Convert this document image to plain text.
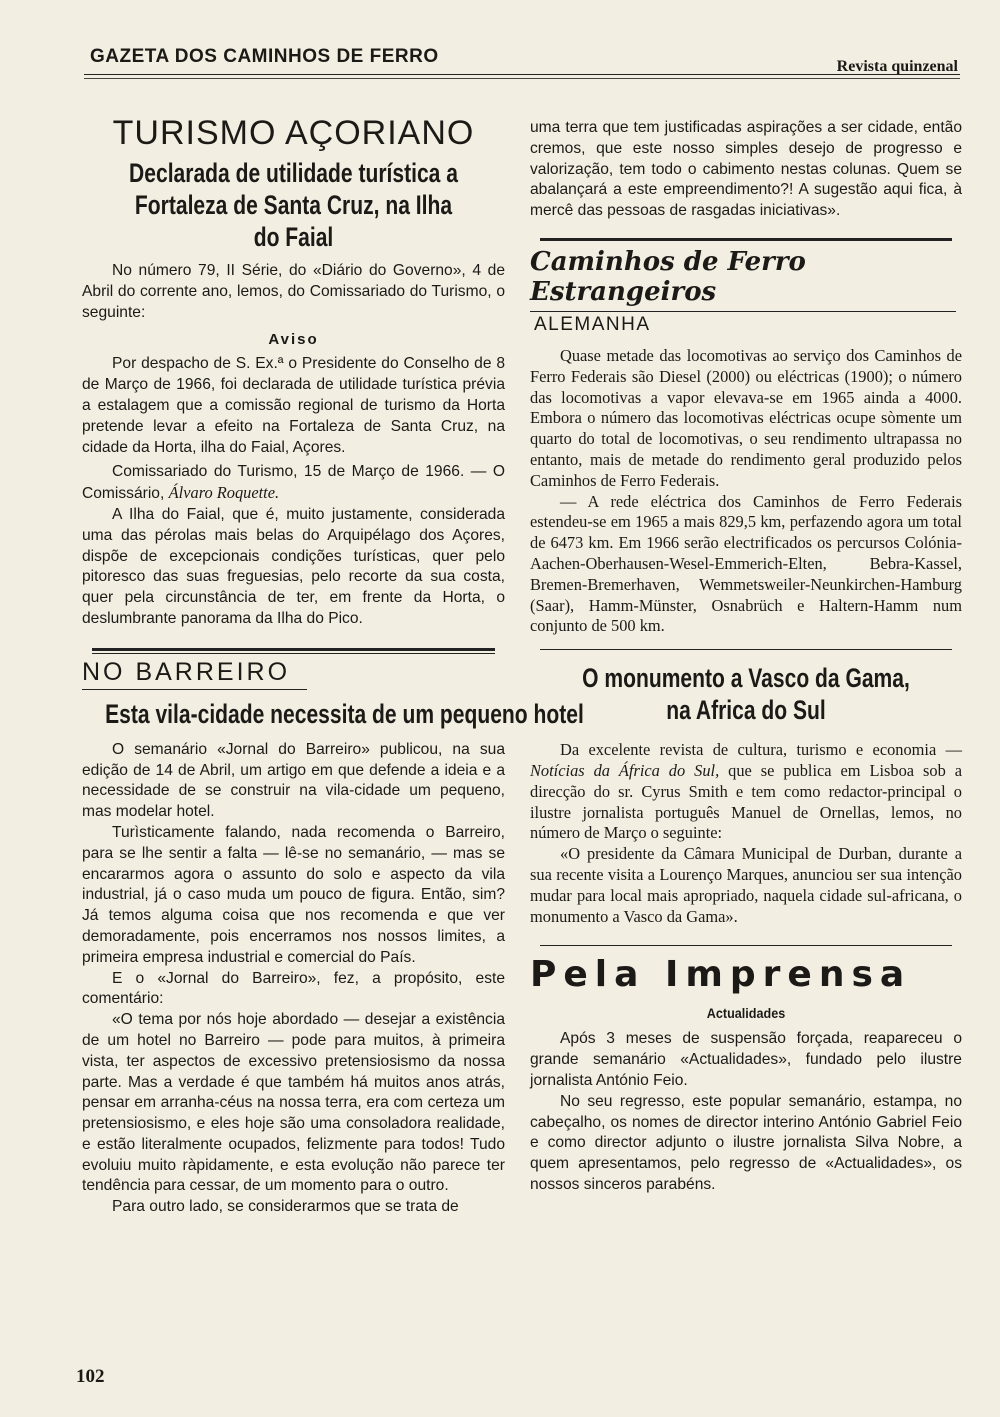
GAZETA DOS CAMINHOS DE FERRO	Revista quinzenal
TURISMO AÇORIANO
Declarada de utilidade turística a Fortaleza de Santa Cruz, na Ilha do Faial

No número 79, II Série, do «Diário do Governo», 4 de Abril do corrente ano, lemos, do Comissariado do Turismo, o seguinte:

Aviso

Por despacho de S. Ex.ª o Presidente do Conselho de 8 de Março de 1966, foi declarada de utilidade turística prévia a estalagem que a comissão regional de turismo da Horta pretende levar a efeito na Fortaleza de Santa Cruz, na cidade da Horta, ilha do Faial, Açores.

Comissariado do Turismo, 15 de Março de 1966. — O Comissário, Álvaro Roquette.

A Ilha do Faial, que é, muito justamente, considerada uma das pérolas mais belas do Arquipélago dos Açores, dispõe de excepcionais condições turísticas, quer pelo pitoresco das suas freguesias, pelo recorte da sua costa, quer pela circunstância de ter, em frente da Horta, o deslumbrante panorama da Ilha do Pico.

NO BARREIRO
Esta vila-cidade necessita de um pequeno hotel

O semanário «Jornal do Barreiro» publicou, na sua edição de 14 de Abril, um artigo em que defende a ideia e a necessidade de se construir na vila-cidade um pequeno, mas modelar hotel.

Turìsticamente falando, nada recomenda o Barreiro, para se lhe sentir a falta — lê-se no semanário, — mas se encararmos agora o assunto do solo e aspecto da vila industrial, já o caso muda um pouco de figura. Então, sim? Já temos alguma coisa que nos recomenda e que ver demoradamente, pois encerramos nos nossos limites, a primeira empresa industrial e comercial do País.

E o «Jornal do Barreiro», fez, a propósito, este comentário:

«O tema por nós hoje abordado — desejar a existência de um hotel no Barreiro — pode para muitos, à primeira vista, ter aspectos de excessivo pretensiosismo da nossa parte. Mas a verdade é que também há muitos anos atrás, pensar em arranha-céus na nossa terra, era com certeza um pretensiosismo, e eles hoje são uma consoladora realidade, e estão literalmente ocupados, felizmente para todos! Tudo evoluiu muito ràpidamente, e esta evolução não parece ter tendência para cessar, de um momento para o outro.

Para outro lado, se considerarmos que se trata de

uma terra que tem justificadas aspirações a ser cidade, então cremos, que este nosso simples desejo de progresso e valorização, tem todo o cabimento nestas colunas. Quem se abalançará a este empreendimento?! A sugestão aqui fica, à mercê das pessoas de rasgadas iniciativas».

Caminhos de Ferro Estrangeiros
ALEMANHA

Quase metade das locomotivas ao serviço dos Caminhos de Ferro Federais são Diesel (2000) ou eléctricas (1900); o número das locomotivas a vapor elevava-se em 1965 ainda a 4000. Embora o número das locomotivas eléctricas ocupe sòmente um quarto do total de locomotivas, o seu rendimento ultrapassa no entanto, mais de metade do rendimento geral produzido pelos Caminhos de Ferro Federais.

— A rede eléctrica dos Caminhos de Ferro Federais estendeu-se em 1965 a mais 829,5 km, perfazendo agora um total de 6473 km. Em 1966 serão electrificados os percursos Colónia-Aachen-Oberhausen-Wesel-Emmerich-Elten, Bebra-Kassel, Bremen-Bremerhaven, Wemmetsweiler-Neunkirchen-Hamburg (Saar), Hamm-Münster, Osnabrüch e Haltern-Hamm num conjunto de 500 km.

O monumento a Vasco da Gama, na Africa do Sul

Da excelente revista de cultura, turismo e economia — Notícias da África do Sul, que se publica em Lisboa sob a direcção do sr. Cyrus Smith e tem como redactor-principal o ilustre jornalista português Manuel de Ornellas, lemos, no número de Março o seguinte:

«O presidente da Câmara Municipal de Durban, durante a sua recente visita a Lourenço Marques, anunciou ser sua intenção mudar para local mais apropriado, naquela cidade sul-africana, o monumento a Vasco da Gama».

Pela Imprensa
Actualidades

Após 3 meses de suspensão forçada, reapareceu o grande semanário «Actualidades», fundado pelo ilustre jornalista António Feio.

No seu regresso, este popular semanário, estampa, no cabeçalho, os nomes de director interino António Gabriel Feio e como director adjunto o ilustre jornalista Silva Nobre, a quem apresentamos, pelo regresso de «Actualidades», os nossos sinceros parabéns.

102
